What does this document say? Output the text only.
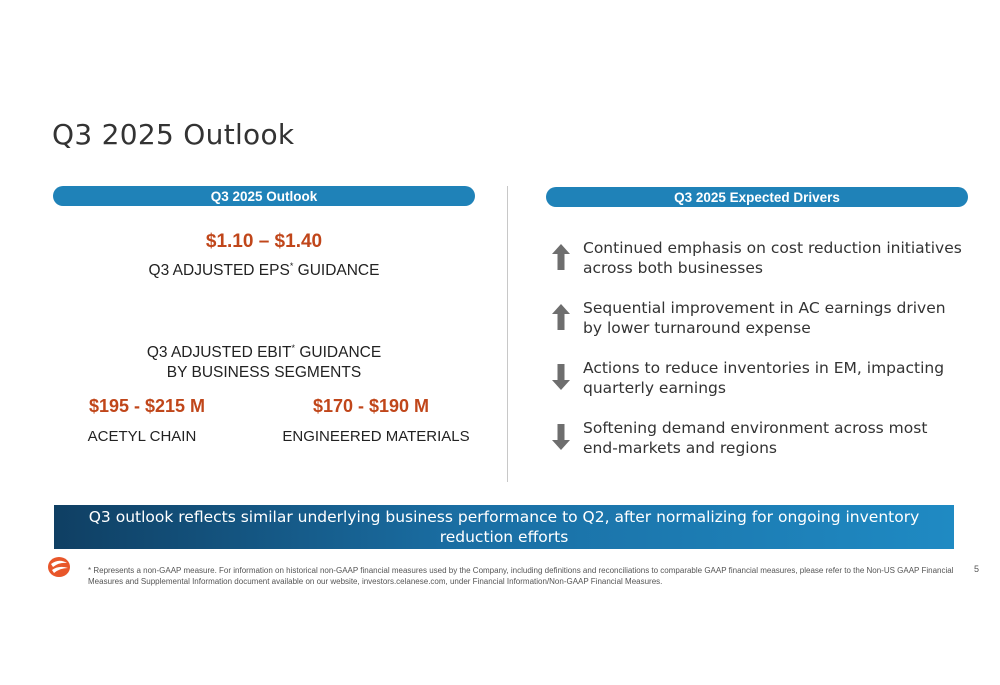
Q3 2025 Outlook
Q3 2025 Outlook	Q3 2025 Expected Drivers
$1.10 – $1.40
Q3 ADJUSTED EPS* GUIDANCE
Q3 ADJUSTED EBIT* GUIDANCE
BY BUSINESS SEGMENTS
$195 - $215 M	$170 - $190 M
ACETYL CHAIN	ENGINEERED MATERIALS
Continued emphasis on cost reduction initiatives across both businesses
Sequential improvement in AC earnings driven by lower turnaround expense
Actions to reduce inventories in EM, impacting quarterly earnings
Softening demand environment across most end-markets and regions
Q3 outlook reflects similar underlying business performance to Q2, after normalizing for ongoing inventory reduction efforts
* Represents a non-GAAP measure. For information on historical non-GAAP financial measures used by the Company, including definitions and reconciliations to comparable GAAP financial measures, please refer to the Non-US GAAP Financial Measures and Supplemental Information document available on our website, investors.celanese.com, under Financial Information/Non-GAAP Financial Measures.
5
